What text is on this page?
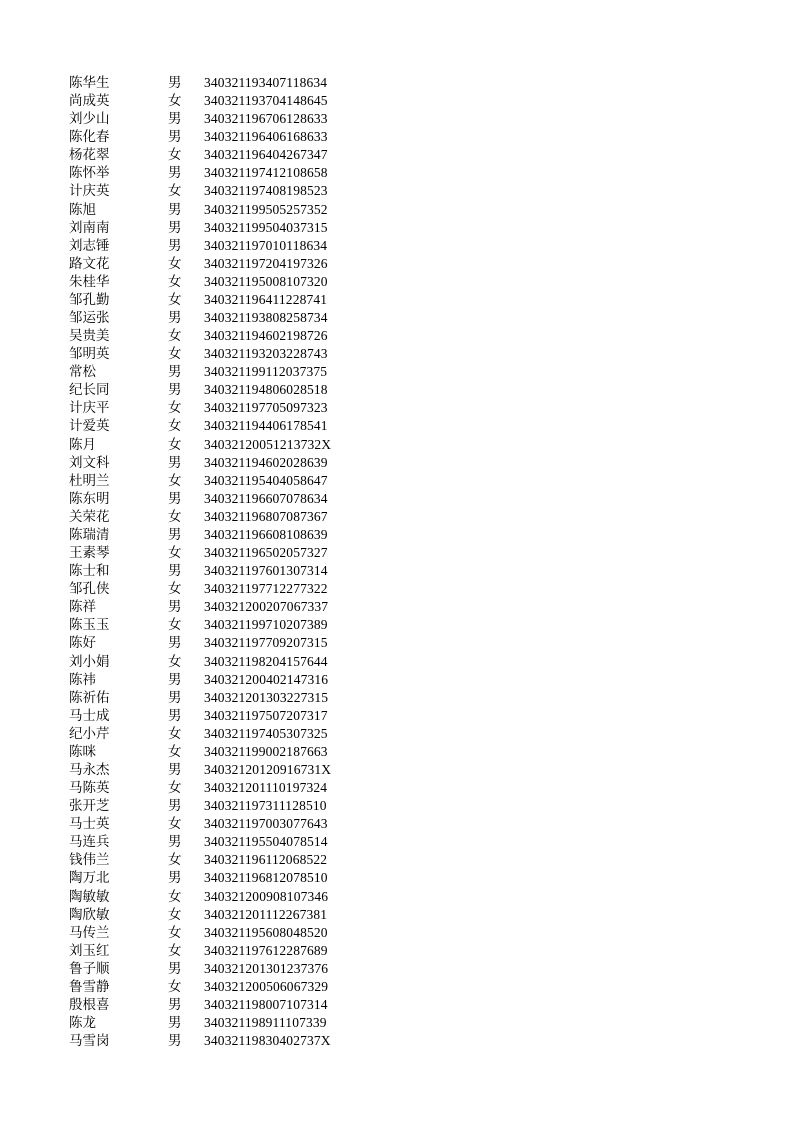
陈华生	男 340321193407118634
尚成英	女 340321193704148645
刘少山	男 340321196706128633
陈化春	男 340321196406168633
杨花翠	女 340321196404267347
陈怀举	男 340321197412108658
计庆英	女 340321197408198523
陈旭	男 340321199505257352
刘南南	男 340321199504037315
刘志锤	男 340321197010118634
路文花	女 340321197204197326
朱桂华	女 340321195008107320
邹孔勤	女 340321196411228741
邹运张	男 340321193808258734
吴贵美	女 340321194602198726
邹明英	女 340321193203228743
常松	男 340321199112037375
纪长同	男 340321194806028518
计庆平	女 340321197705097323
计爱英	女 340321194406178541
陈月	女 34032120051213732X
刘文科	男 340321194602028639
杜明兰	女 340321195404058647
陈东明	男 340321196607078634
关荣花	女 340321196807087367
陈瑞清	男 340321196608108639
王素琴	女 340321196502057327
陈士和	男 340321197601307314
邹孔侠	女 340321197712277322
陈祥	男 340321200207067337
陈玉玉	女 340321199710207389
陈好	男 340321197709207315
刘小娟	女 340321198204157644
陈祎	男 340321200402147316
陈祈佑	男 340321201303227315
马士成	男 340321197507207317
纪小芹	女 340321197405307325
陈咪	女 340321199002187663
马永杰	男 34032120120916731X
马陈英	女 340321201110197324
张开芝	男 340321197311128510
马士英	女 340321197003077643
马连兵	男 340321195504078514
钱伟兰	女 340321196112068522
陶万北	男 340321196812078510
陶敏敏	女 340321200908107346
陶欣敏	女 340321201112267381
马传兰	女 340321195608048520
刘玉红	女 340321197612287689
鲁子顺	男 340321201301237376
鲁雪静	女 340321200506067329
殷根喜	男 340321198007107314
陈龙	男 340321198911107339
马雪岗	男 34032119830402737X
